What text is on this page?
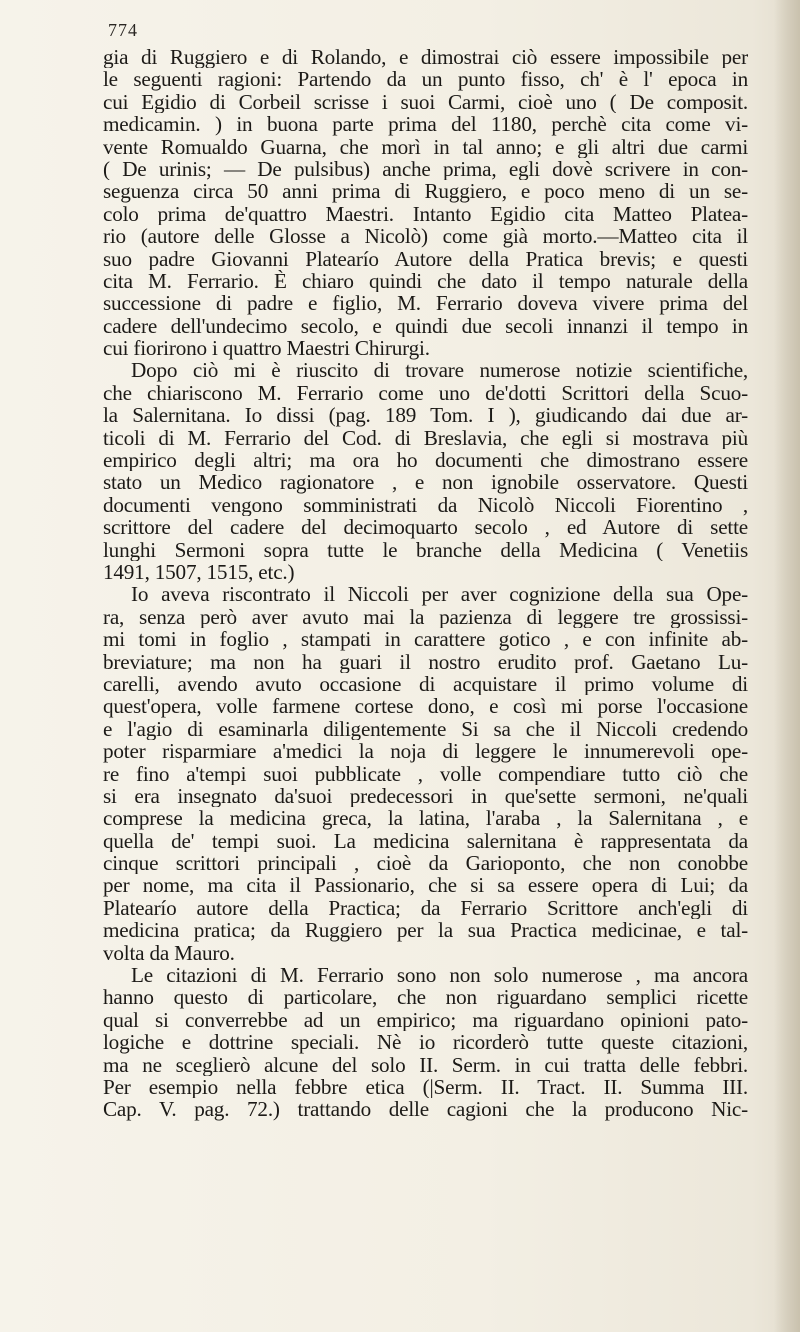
774
gia di Ruggiero e di Rolando, e dimostrai ciò essere impossibile per
le seguenti ragioni: Partendo da un punto fisso, ch' è l' epoca in
cui Egidio di Corbeil scrisse i suoi Carmi, cioè uno ( De composit.
medicamin. ) in buona parte prima del 1180, perchè cita come vi-
vente Romualdo Guarna, che morì in tal anno; e gli altri due carmi
( De urinis; — De pulsibus) anche prima, egli dovè scrivere in con-
seguenza circa 50 anni prima di Ruggiero, e poco meno di un se-
colo prima de'quattro Maestri. Intanto Egidio cita Matteo Platea-
rio (autore delle Glosse a Nicolò) come già morto.—Matteo cita il
suo padre Giovanni Platearío Autore della Pratica brevis; e questi
cita M. Ferrario. È chiaro quindi che dato il tempo naturale della
successione di padre e figlio, M. Ferrario doveva vivere prima del
cadere dell'undecimo secolo, e quindi due secoli innanzi il tempo in
cui fiorirono i quattro Maestri Chirurgi.
Dopo ciò mi è riuscito di trovare numerose notizie scientifiche,
che chiariscono M. Ferrario come uno de'dotti Scrittori della Scuo-
la Salernitana. Io dissi (pag. 189 Tom. I ), giudicando dai due ar-
ticoli di M. Ferrario del Cod. di Breslavia, che egli si mostrava più
empirico degli altri; ma ora ho documenti che dimostrano essere
stato un Medico ragionatore , e non ignobile osservatore. Questi
documenti vengono somministrati da Nicolò Niccoli Fiorentino ,
scrittore del cadere del decimoquarto secolo , ed Autore di sette
lunghi Sermoni sopra tutte le branche della Medicina ( Venetiis
1491, 1507, 1515, etc.)
Io aveva riscontrato il Niccoli per aver cognizione della sua Ope-
ra, senza però aver avuto mai la pazienza di leggere tre grossissi-
mi tomi in foglio , stampati in carattere gotico , e con infinite ab-
breviature; ma non ha guari il nostro erudito prof. Gaetano Lu-
carelli, avendo avuto occasione di acquistare il primo volume di
quest'opera, volle farmene cortese dono, e così mi porse l'occasione
e l'agio di esaminarla diligentemente Si sa che il Niccoli credendo
poter risparmiare a'medici la noja di leggere le innumerevoli ope-
re fino a'tempi suoi pubblicate , volle compendiare tutto ciò che
si era insegnato da'suoi predecessori in que'sette sermoni, ne'quali
comprese la medicina greca, la latina, l'araba , la Salernitana , e
quella de' tempi suoi. La medicina salernitana è rappresentata da
cinque scrittori principali , cioè da Garioponto, che non conobbe
per nome, ma cita il Passionario, che si sa essere opera di Lui; da
Platearío autore della Practica; da Ferrario Scrittore anch'egli di
medicina pratica; da Ruggiero per la sua Practica medicinae, e tal-
volta da Mauro.
Le citazioni di M. Ferrario sono non solo numerose , ma ancora
hanno questo di particolare, che non riguardano semplici ricette
qual si converrebbe ad un empirico; ma riguardano opinioni pato-
logiche e dottrine speciali. Nè io ricorderò tutte queste citazioni,
ma ne sceglierò alcune del solo II. Serm. in cui tratta delle febbri.
Per esempio nella febbre etica (|Serm. II. Tract. II. Summa III.
Cap. V. pag. 72.) trattando delle cagioni che la producono Nic-
